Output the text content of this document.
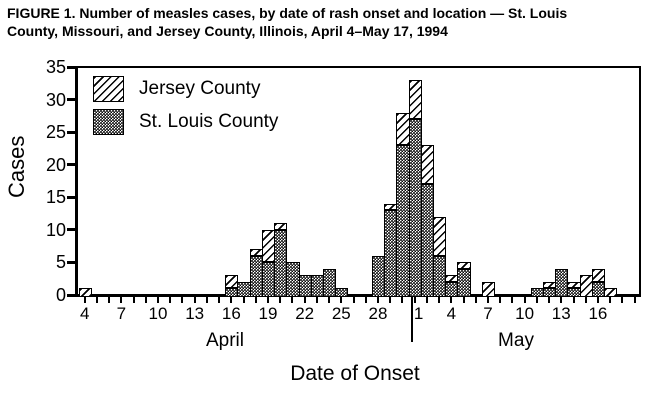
FIGURE 1. Number of measles cases, by date of rash onset and location — St. Louis County, Missouri, and Jersey County, Illinois, April 4–May 17, 1994
Cases
0
5
10
15
20
25
30
35
4	7	10	13	16	19	22	25	28	1	4	7	10	13	16
Jersey County
St. Louis County
April	May
Date of Onset
